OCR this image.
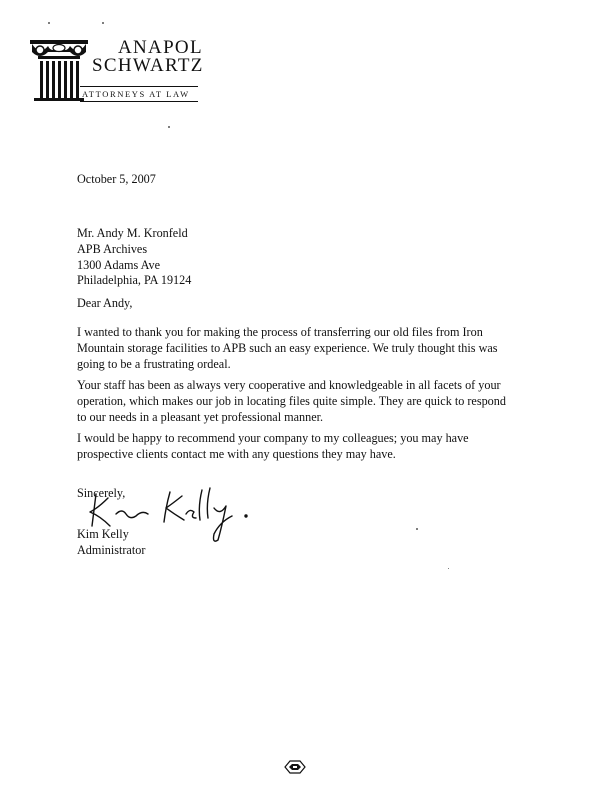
ANAPOL
SCHWARTZ
ATTORNEYS AT LAW
October 5, 2007
Mr. Andy M. Kronfeld
APB Archives
1300 Adams Ave
Philadelphia, PA 19124
Dear Andy,
I wanted to thank you for making the process of transferring our old files from Iron
Mountain storage facilities to APB such an easy experience. We truly thought this was
going to be a frustrating ordeal.
Your staff has been as always very cooperative and knowledgeable in all facets of your
operation, which makes our job in locating files quite simple. They are quick to respond
to our needs in a pleasant yet professional manner.
I would be happy to recommend your company to my colleagues; you may have
prospective clients contact me with any questions they may have.
Sincerely,
Kim Kelly
Administrator
